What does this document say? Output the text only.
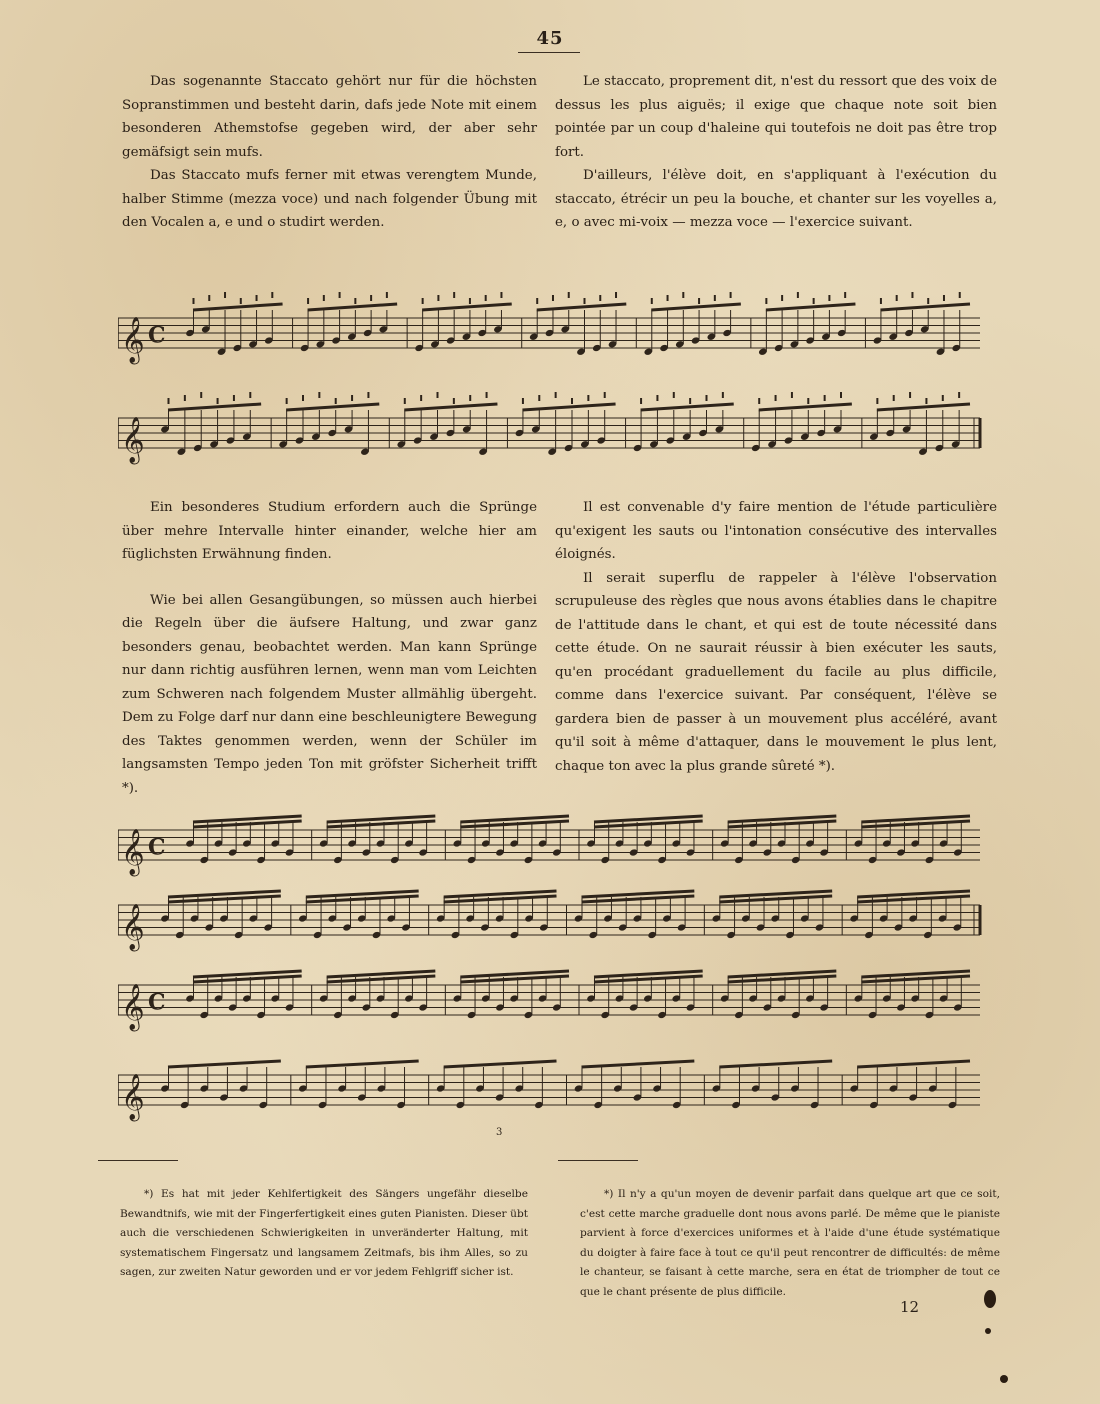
45

Das sogenannte Staccato gehört nur für die höchsten Sopranstimmen und besteht darin, dafs jede Note mit einem besonderen Athemstofse gegeben wird, der aber sehr gemäfsigt sein mufs.

Das Staccato mufs ferner mit etwas verengtem Munde, halber Stimme (mezza voce) und nach folgender Übung mit den Vocalen a, e und o studirt werden.

Le staccato, proprement dit, n'est du ressort que des voix de dessus les plus aiguës; il exige que chaque note soit bien pointée par un coup d'haleine qui toutefois ne doit pas être trop fort.

D'ailleurs, l'élève doit, en s'appliquant à l'exécution du staccato, étrécir un peu la bouche, et chanter sur les voyelles a, e, o avec mi-voix — mezza voce — l'exercice suivant.

𝄞 C
𝄞

Ein besonderes Studium erfordern auch die Sprünge über mehre Intervalle hinter einander, welche hier am füglichsten Erwähnung finden.

Wie bei allen Gesangübungen, so müssen auch hierbei die Regeln über die äufsere Haltung, und zwar ganz besonders genau, beobachtet werden. Man kann Sprünge nur dann richtig ausführen lernen, wenn man vom Leichten zum Schweren nach folgendem Muster allmählig übergeht. Dem zu Folge darf nur dann eine beschleunigtere Bewegung des Taktes genommen werden, wenn der Schüler im langsamsten Tempo jeden Ton mit gröfster Sicherheit trifft *).

Il est convenable d'y faire mention de l'étude particulière qu'exigent les sauts ou l'intonation consécutive des intervalles éloignés.

Il serait superflu de rappeler à l'élève l'observation scrupuleuse des règles que nous avons établies dans le chapitre de l'attitude dans le chant, et qui est de toute nécessité dans cette étude. On ne saurait réussir à bien exécuter les sauts, qu'en procédant graduellement du facile au plus difficile, comme dans l'exercice suivant. Par conséquent, l'élève se gardera bien de passer à un mouvement plus accéléré, avant qu'il soit à même d'attaquer, dans le mouvement le plus lent, chaque ton avec la plus grande sûreté *).

𝄞 C
𝄞
𝄞 C
𝄞
3

*) Es hat mit jeder Kehlfertigkeit des Sängers ungefähr dieselbe Bewandtnifs, wie mit der Fingerfertigkeit eines guten Pianisten. Dieser übt auch die verschiedenen Schwierigkeiten in unveränderter Haltung, mit systematischem Fingersatz und langsamem Zeitmafs, bis ihm Alles, so zu sagen, zur zweiten Natur geworden und er vor jedem Fehlgriff sicher ist.

*) Il n'y a qu'un moyen de devenir parfait dans quelque art que ce soit, c'est cette marche graduelle dont nous avons parlé. De même que le pianiste parvient à force d'exercices uniformes et à l'aide d'une étude systématique du doigter à faire face à tout ce qu'il peut rencontrer de difficultés: de même le chanteur, se faisant à cette marche, sera en état de triompher de tout ce que le chant présente de plus difficile.

12
